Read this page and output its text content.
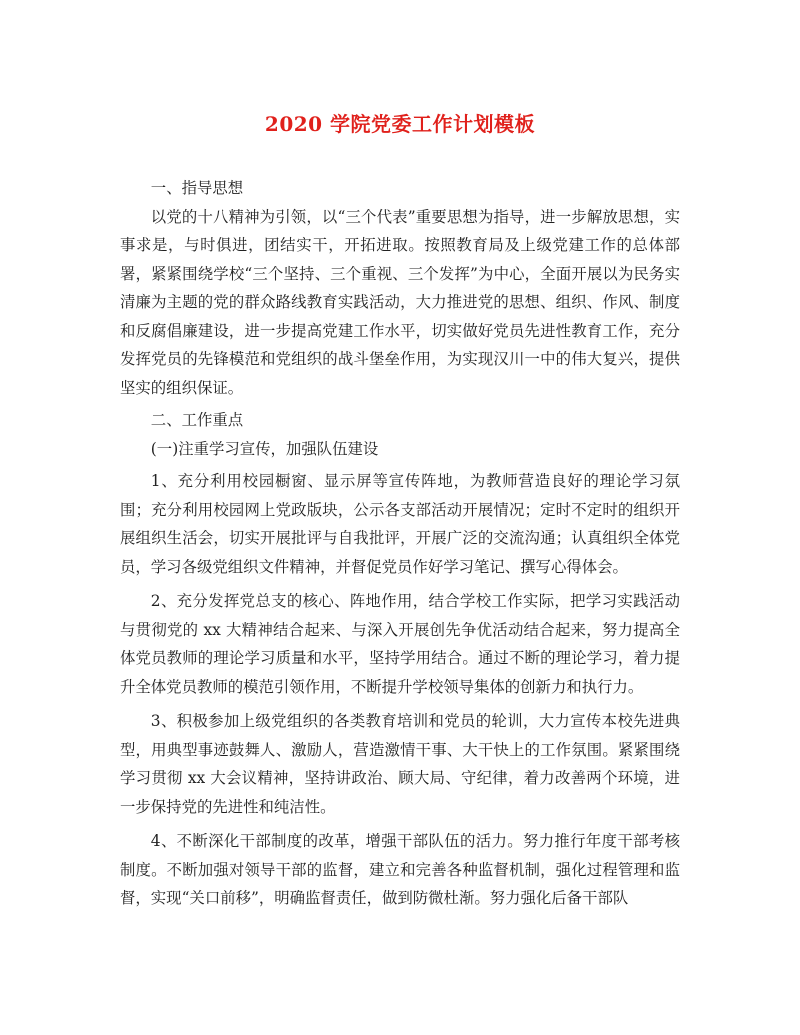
2020 学院党委工作计划模板

一、指导思想

以党的十八精神为引领，以“三个代表”重要思想为指导，进一步解放思想，实事求是，与时俱进，团结实干，开拓进取。按照教育局及上级党建工作的总体部署，紧紧围绕学校“三个坚持、三个重视、三个发挥”为中心，全面开展以为民务实清廉为主题的党的群众路线教育实践活动，大力推进党的思想、组织、作风、制度和反腐倡廉建设，进一步提高党建工作水平，切实做好党员先进性教育工作，充分发挥党员的先锋模范和党组织的战斗堡垒作用，为实现汉川一中的伟大复兴，提供坚实的组织保证。

二、工作重点

(一)注重学习宣传，加强队伍建设

1、充分利用校园橱窗、显示屏等宣传阵地，为教师营造良好的理论学习氛围；充分利用校园网上党政版块，公示各支部活动开展情况；定时不定时的组织开展组织生活会，切实开展批评与自我批评，开展广泛的交流沟通；认真组织全体党员，学习各级党组织文件精神，并督促党员作好学习笔记、撰写心得体会。

2、充分发挥党总支的核心、阵地作用，结合学校工作实际，把学习实践活动与贯彻党的 xx 大精神结合起来、与深入开展创先争优活动结合起来，努力提高全体党员教师的理论学习质量和水平，坚持学用结合。通过不断的理论学习，着力提升全体党员教师的模范引领作用，不断提升学校领导集体的创新力和执行力。

3、积极参加上级党组织的各类教育培训和党员的轮训，大力宣传本校先进典型，用典型事迹鼓舞人、激励人，营造激情干事、大干快上的工作氛围。紧紧围绕学习贯彻 xx 大会议精神，坚持讲政治、顾大局、守纪律，着力改善两个环境，进一步保持党的先进性和纯洁性。

4、不断深化干部制度的改革，增强干部队伍的活力。努力推行年度干部考核制度。不断加强对领导干部的监督，建立和完善各种监督机制，强化过程管理和监督，实现“关口前移”，明确监督责任，做到防微杜渐。努力强化后备干部队
